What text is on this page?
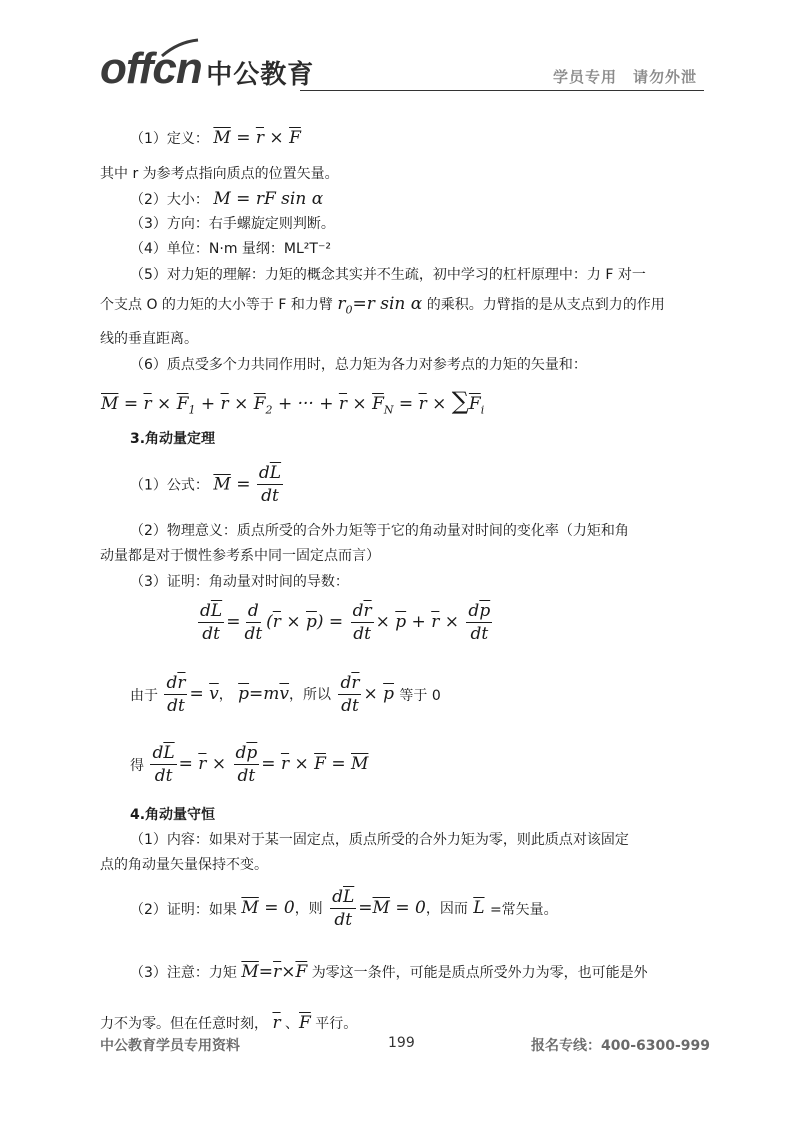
offcn 中公教育	学员专用　请勿外泄
（1）定义： $\overline{M} = \overline{r} \times \overline{F}$
其中 r 为参考点指向质点的位置矢量。
（2）大小： M = rF sin α
（3）方向：右手螺旋定则判断。
（4）单位：N·m 量纲：ML²T⁻²
（5）对力矩的理解：力矩的概念其实并不生疏，初中学习的杠杆原理中：力 F 对一
个支点 O 的力矩的大小等于 F 和力臂 $r_0=r$ sin α 的乘积。力臂指的是从支点到力的作用
线的垂直距离。
（6）质点受多个力共同作用时，总力矩为各力对参考点的力矩的矢量和：
$\overline{M} = \overline{r} \times \overline{F}_1 + \overline{r} \times \overline{F}_2$ + ··· + $\overline{r} \times \overline{F}_N = \overline{r} \times \sum\overline{F}_i$
3.角动量定理
（1）公式： $\overline{M} = \frac{d\overline{L}}{dt}$
（2）物理意义：质点所受的合外力矩等于它的角动量对时间的变化率（力矩和角
动量都是对于惯性参考系中同一固定点而言）
（3）证明：角动量对时间的导数：
$\frac{d\overline{L}}{dt} = \frac{d}{dt} (\overline{r} \times \overline{p}) = \frac{d\overline{r}}{dt} \times \overline{p} + \overline{r} \times \frac{d\overline{p}}{dt}$
由于 $\frac{d\overline{r}}{dt} = \overline{v}$， $\overline{p}=m\overline{v}$，所以 $\frac{d\overline{r}}{dt} \times \overline{p}$ 等于 0
得 $\frac{d\overline{L}}{dt} = \overline{r} \times \frac{d\overline{p}}{dt} = \overline{r} \times \overline{F} = \overline{M}$
4.角动量守恒
（1）内容：如果对于某一固定点，质点所受的合外力矩为零，则此质点对该固定
点的角动量矢量保持不变。
（2）证明：如果 $\overline{M} = 0$，则 $\frac{d\overline{L}}{dt} =\overline{M} = 0$，因而 $\overline{L}$ =常矢量。
（3）注意：力矩 $\overline{M}=\overline{r}\times\overline{F}$ 为零这一条件，可能是质点所受外力为零，也可能是外
力不为零。但在任意时刻， $\overline{r}$ 、$\overline{F}$ 平行。
中公教育学员专用资料	199	报名专线：400-6300-999
